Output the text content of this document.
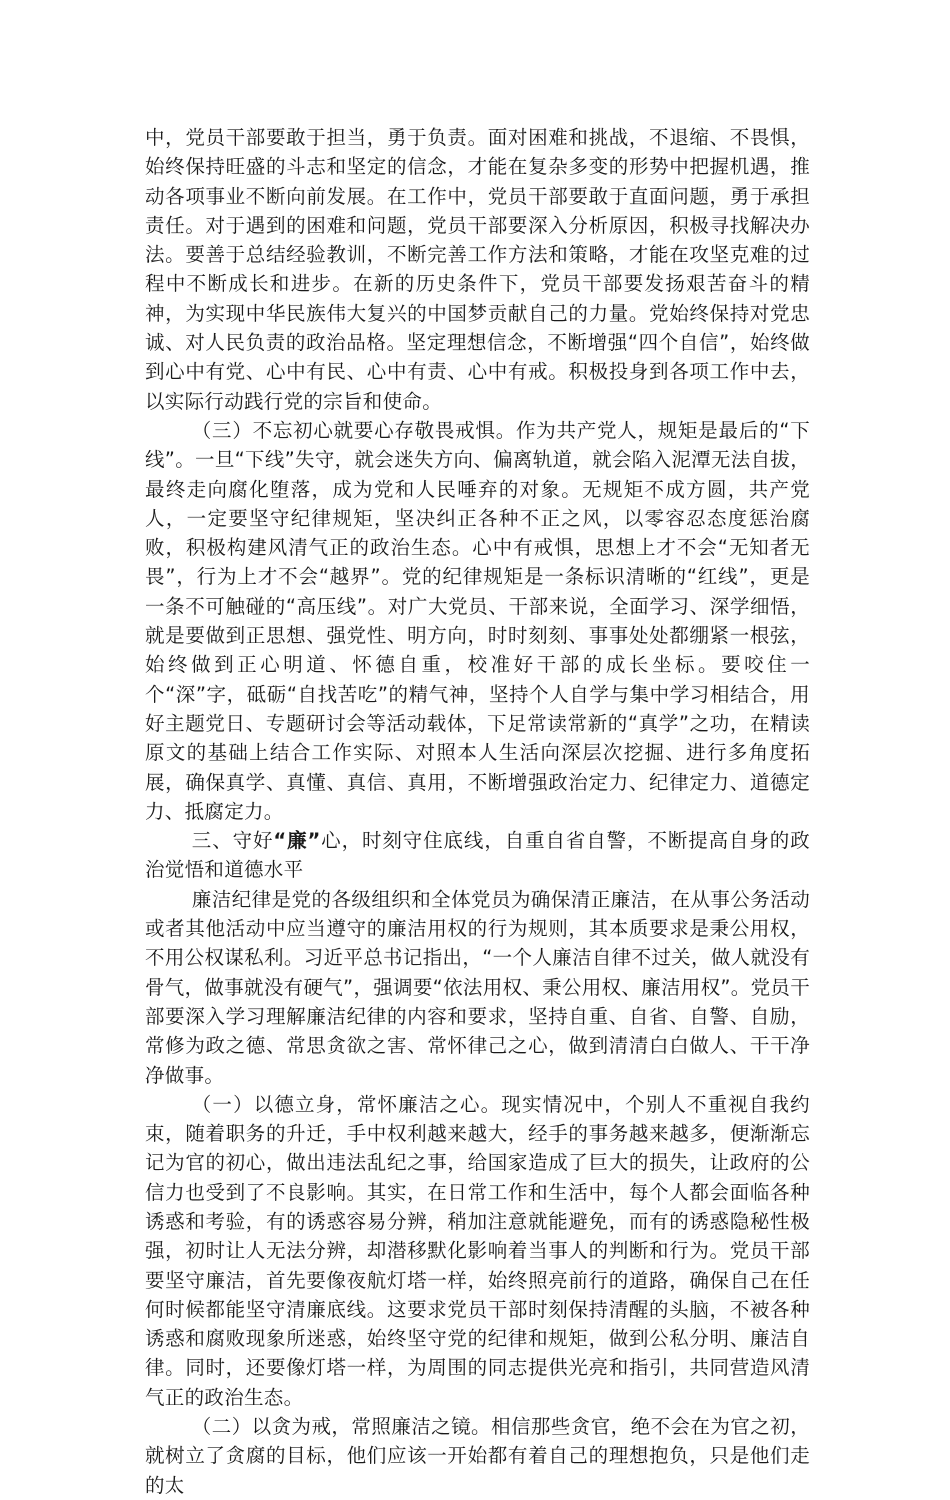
中，党员干部要敢于担当，勇于负责。面对困难和挑战，不退缩、不畏惧，始终保持旺盛的斗志和坚定的信念，才能在复杂多变的形势中把握机遇，推动各项事业不断向前发展。在工作中，党员干部要敢于直面问题，勇于承担责任。对于遇到的困难和问题，党员干部要深入分析原因，积极寻找解决办法。要善于总结经验教训，不断完善工作方法和策略，才能在攻坚克难的过程中不断成长和进步。在新的历史条件下，党员干部要发扬艰苦奋斗的精神，为实现中华民族伟大复兴的中国梦贡献自己的力量。党始终保持对党忠诚、对人民负责的政治品格。坚定理想信念，不断增强“四个自信”，始终做到心中有党、心中有民、心中有责、心中有戒。积极投身到各项工作中去，以实际行动践行党的宗旨和使命。

（三）不忘初心就要心存敬畏戒惧。作为共产党人，规矩是最后的“下线”。一旦“下线”失守，就会迷失方向、偏离轨道，就会陷入泥潭无法自拔，最终走向腐化堕落，成为党和人民唾弃的对象。无规矩不成方圆，共产党人，一定要坚守纪律规矩，坚决纠正各种不正之风，以零容忍态度惩治腐败，积极构建风清气正的政治生态。心中有戒惧，思想上才不会“无知者无畏”，行为上才不会“越界”。党的纪律规矩是一条标识清晰的“红线”，更是一条不可触碰的“高压线”。对广大党员、干部来说，全面学习、深学细悟，就是要做到正思想、强党性、明方向，时时刻刻、事事处处都绷紧一根弦，始终做到正心明道、怀德自重，校准好干部的成长坐标。要咬住一个“深”字，砥砺“自找苦吃”的精气神，坚持个人自学与集中学习相结合，用好主题党日、专题研讨会等活动载体，下足常读常新的“真学”之功，在精读原文的基础上结合工作实际、对照本人生活向深层次挖掘、进行多角度拓展，确保真学、真懂、真信、真用，不断增强政治定力、纪律定力、道德定力、抵腐定力。

三、守好“廉”心，时刻守住底线，自重自省自警，不断提高自身的政治觉悟和道德水平

廉洁纪律是党的各级组织和全体党员为确保清正廉洁，在从事公务活动或者其他活动中应当遵守的廉洁用权的行为规则，其本质要求是秉公用权，不用公权谋私利。习近平总书记指出，“一个人廉洁自律不过关，做人就没有骨气，做事就没有硬气”，强调要“依法用权、秉公用权、廉洁用权”。党员干部要深入学习理解廉洁纪律的内容和要求，坚持自重、自省、自警、自励，常修为政之德、常思贪欲之害、常怀律己之心，做到清清白白做人、干干净净做事。

（一）以德立身，常怀廉洁之心。现实情况中，个别人不重视自我约束，随着职务的升迁，手中权利越来越大，经手的事务越来越多，便渐渐忘记为官的初心，做出违法乱纪之事，给国家造成了巨大的损失，让政府的公信力也受到了不良影响。其实，在日常工作和生活中，每个人都会面临各种诱惑和考验，有的诱惑容易分辨，稍加注意就能避免，而有的诱惑隐秘性极强，初时让人无法分辨，却潜移默化影响着当事人的判断和行为。党员干部要坚守廉洁，首先要像夜航灯塔一样，始终照亮前行的道路，确保自己在任何时候都能坚守清廉底线。这要求党员干部时刻保持清醒的头脑，不被各种诱惑和腐败现象所迷惑，始终坚守党的纪律和规矩，做到公私分明、廉洁自律。同时，还要像灯塔一样，为周围的同志提供光亮和指引，共同营造风清气正的政治生态。

（二）以贪为戒，常照廉洁之镜。相信那些贪官，绝不会在为官之初，就树立了贪腐的目标，他们应该一开始都有着自己的理想抱负，只是他们走的太
